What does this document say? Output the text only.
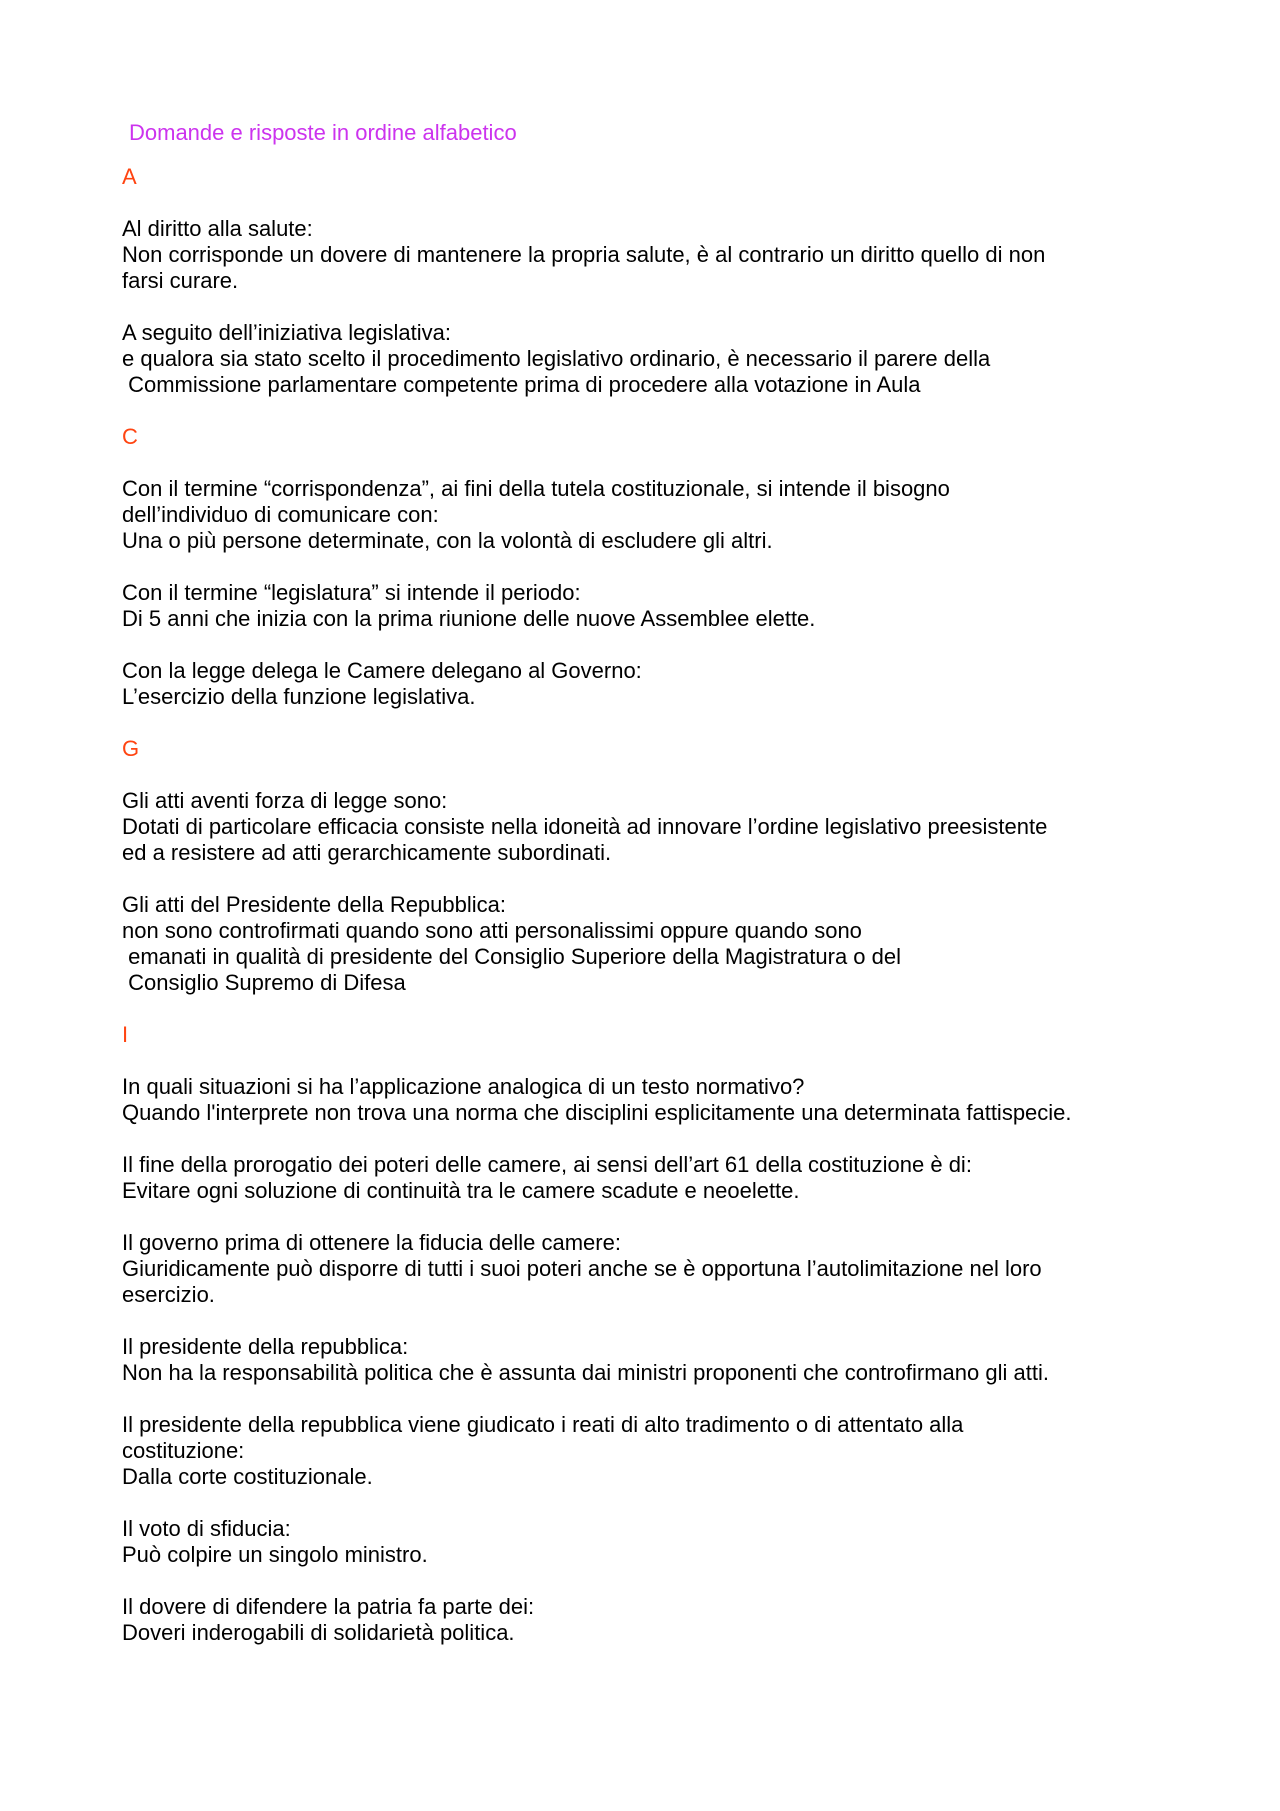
Domande e risposte in ordine alfabetico
A
Al diritto alla salute:
Non corrisponde un dovere di mantenere la propria salute, è al contrario un diritto quello di non
farsi curare.
A seguito dell’iniziativa legislativa:
e qualora sia stato scelto il procedimento legislativo ordinario, è necessario il parere della
Commissione parlamentare competente prima di procedere alla votazione in Aula
C
Con il termine “corrispondenza”, ai fini della tutela costituzionale, si intende il bisogno
dell’individuo di comunicare con:
Una o più persone determinate, con la volontà di escludere gli altri.
Con il termine “legislatura” si intende il periodo:
Di 5 anni che inizia con la prima riunione delle nuove Assemblee elette.
Con la legge delega le Camere delegano al Governo:
L’esercizio della funzione legislativa.
G
Gli atti aventi forza di legge sono:
Dotati di particolare efficacia consiste nella idoneità ad innovare l’ordine legislativo preesistente
ed a resistere ad atti gerarchicamente subordinati.
Gli atti del Presidente della Repubblica:
non sono controfirmati quando sono atti personalissimi oppure quando sono
emanati in qualità di presidente del Consiglio Superiore della Magistratura o del
Consiglio Supremo di Difesa
I
In quali situazioni si ha l’applicazione analogica di un testo normativo?
Quando l'interprete non trova una norma che disciplini esplicitamente una determinata fattispecie.
Il fine della prorogatio dei poteri delle camere, ai sensi dell’art 61 della costituzione è di:
Evitare ogni soluzione di continuità tra le camere scadute e neoelette.
Il governo prima di ottenere la fiducia delle camere:
Giuridicamente può disporre di tutti i suoi poteri anche se è opportuna l’autolimitazione nel loro
esercizio.
Il presidente della repubblica:
Non ha la responsabilità politica che è assunta dai ministri proponenti che controfirmano gli atti.
Il presidente della repubblica viene giudicato i reati di alto tradimento o di attentato alla
costituzione:
Dalla corte costituzionale.
Il voto di sfiducia:
Può colpire un singolo ministro.
Il dovere di difendere la patria fa parte dei:
Doveri inderogabili di solidarietà politica.
